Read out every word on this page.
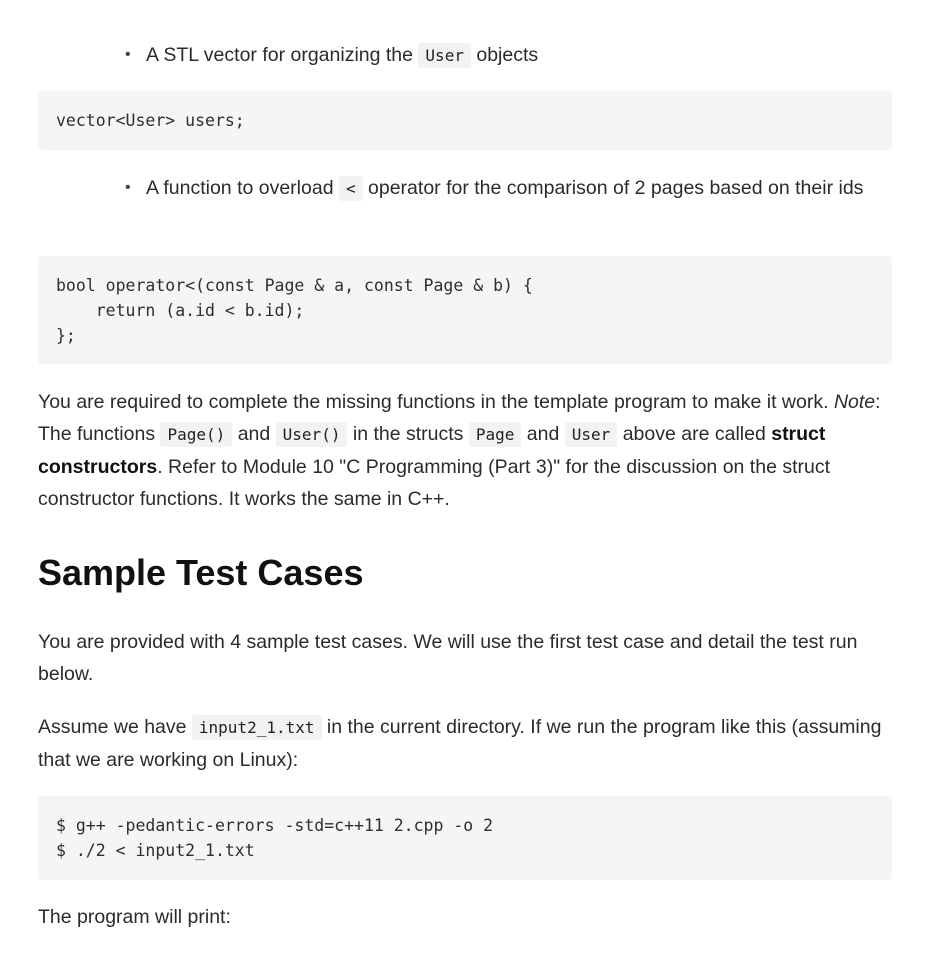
• A STL vector for organizing the User objects
vector<User> users;
• A function to overload < operator for the comparison of 2 pages based on their ids
bool operator<(const Page & a, const Page & b) {
return (a.id < b.id);
};
You are required to complete the missing functions in the template program to make it work. Note: The functions Page() and User() in the structs Page and User above are called struct constructors. Refer to Module 10 "C Programming (Part 3)" for the discussion on the struct constructor functions. It works the same in C++.
Sample Test Cases
You are provided with 4 sample test cases. We will use the first test case and detail the test run below.
Assume we have input2_1.txt in the current directory. If we run the program like this (assuming that we are working on Linux):
$ g++ -pedantic-errors -std=c++11 2.cpp -o 2
$ ./2 < input2_1.txt
The program will print:
